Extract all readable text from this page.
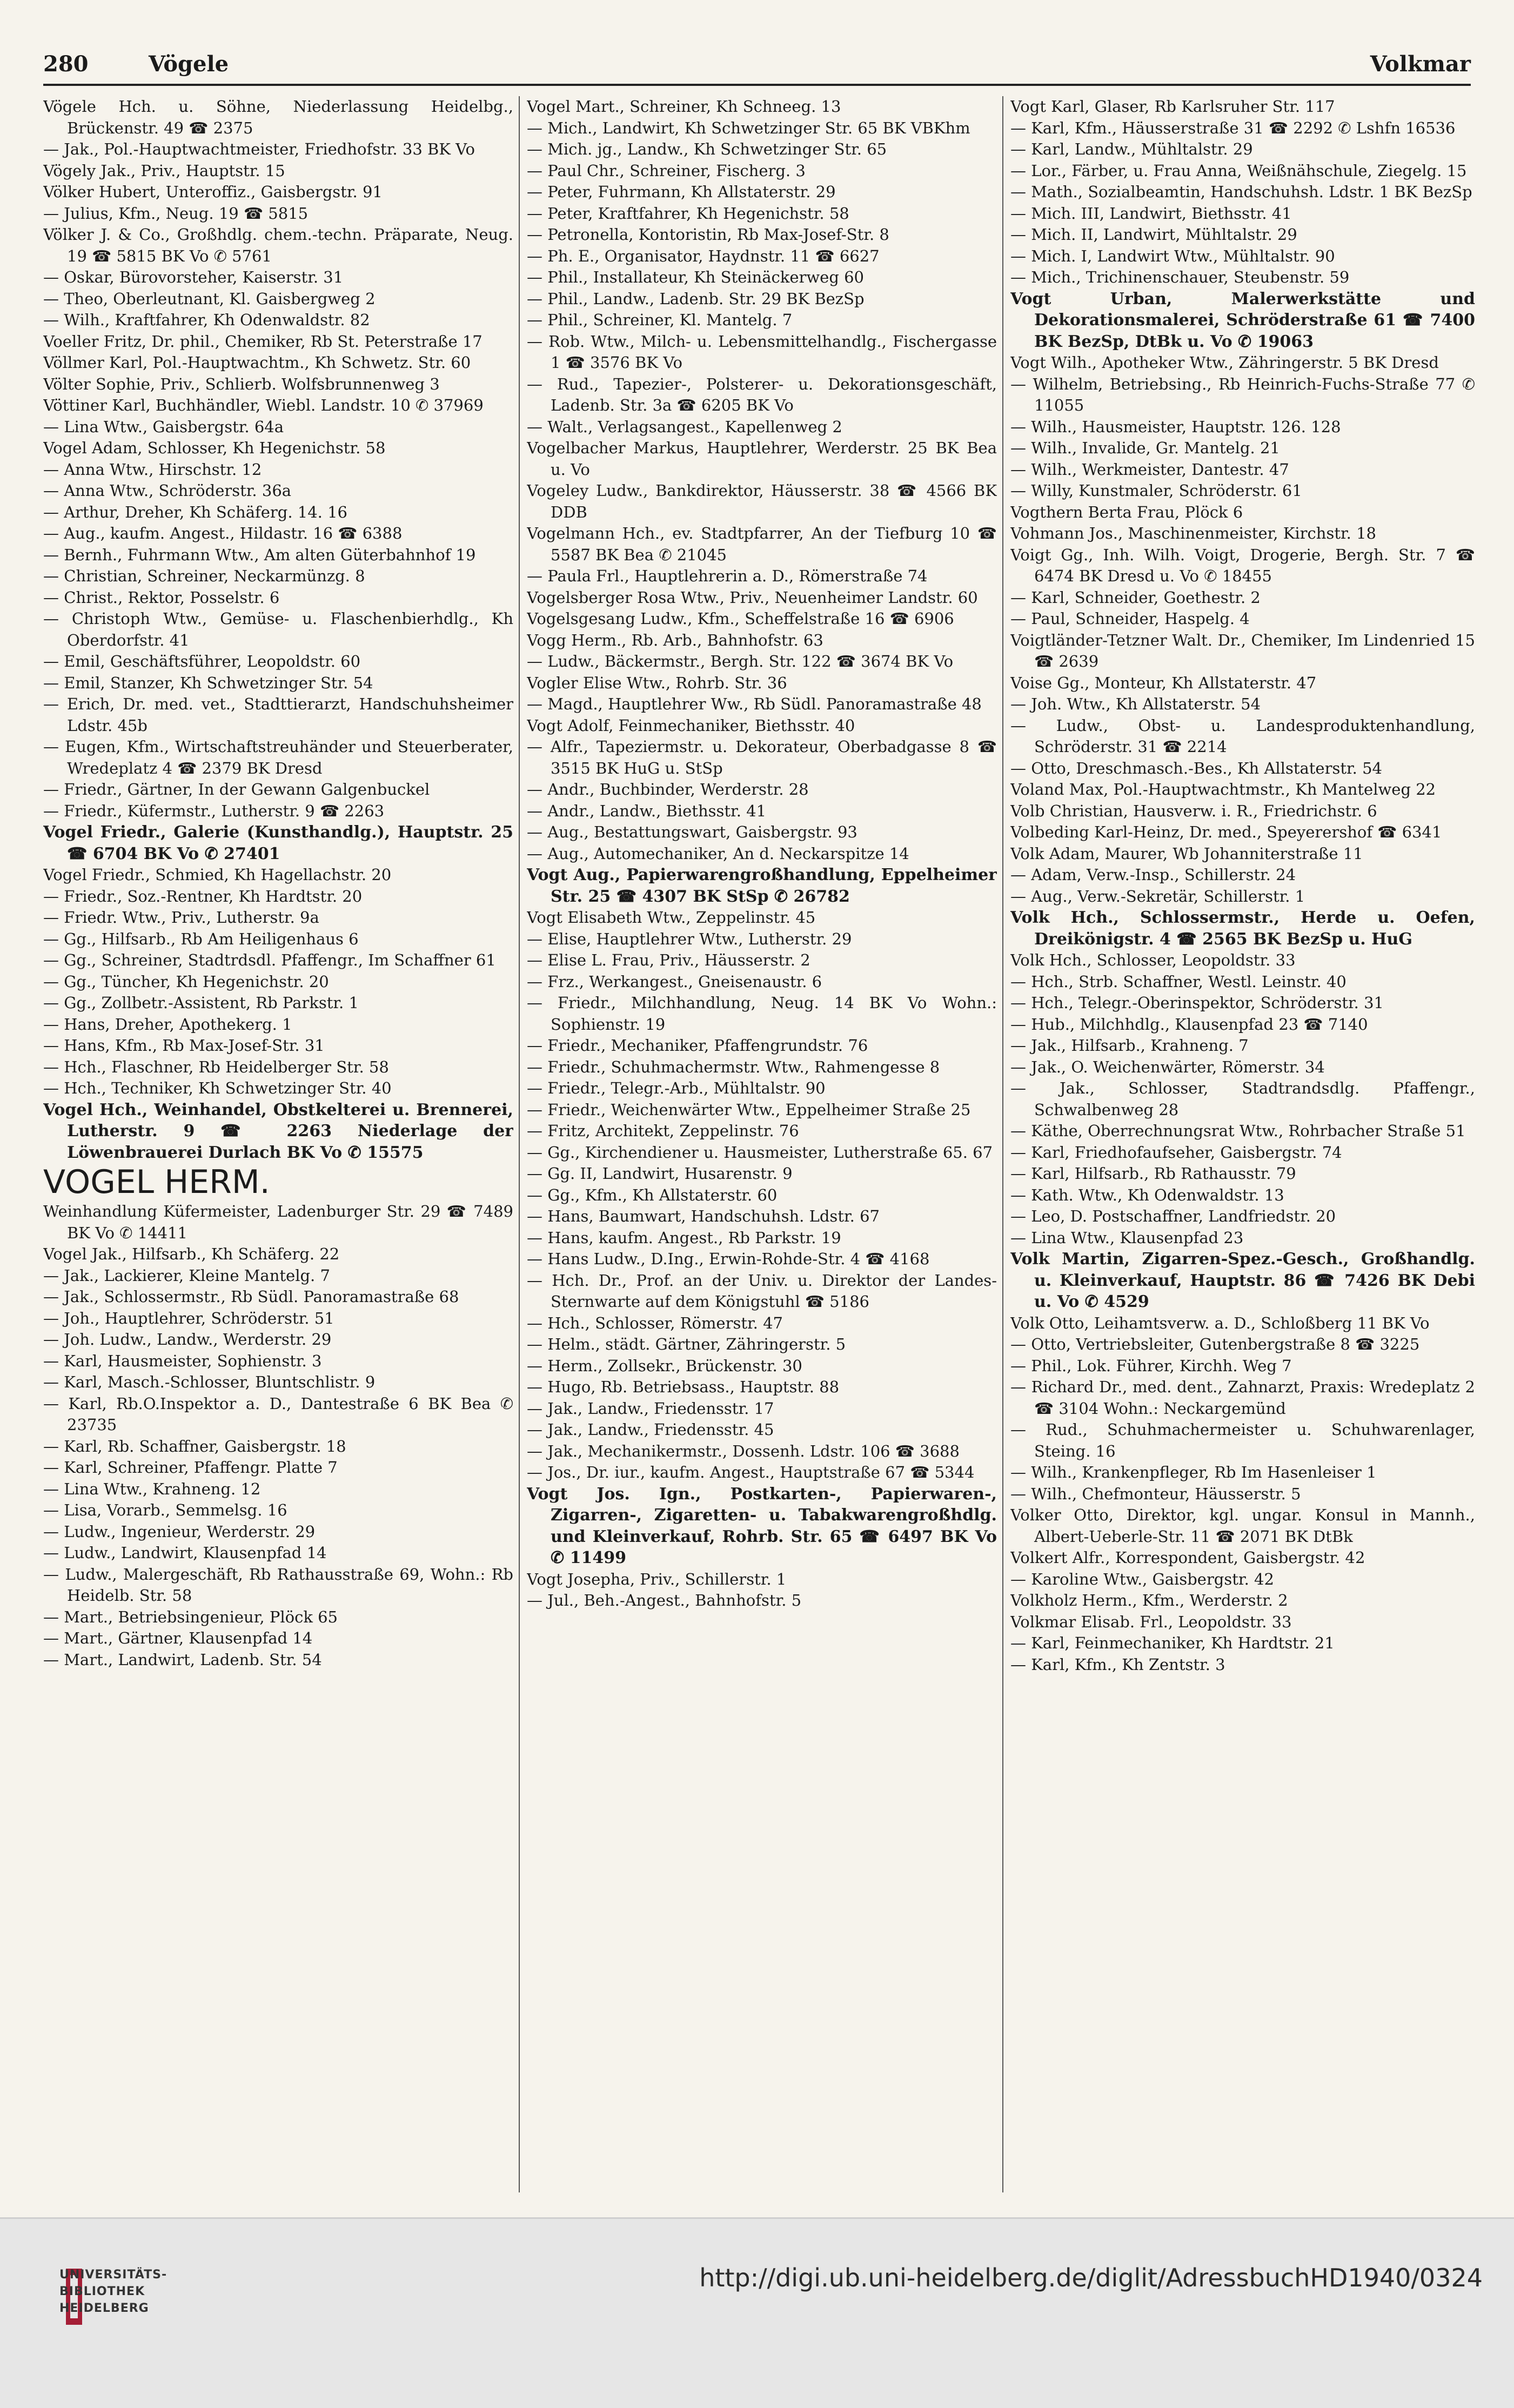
280	Vögele	Volkmar
Vögele Hch. u. Söhne, Niederlassung Heidelbg., Brückenstr. 49 ☎ 2375
— Jak., Pol.-Hauptwachtmeister, Friedhofstr. 33 BK Vo
Vögely Jak., Priv., Hauptstr. 15
Völker Hubert, Unteroffiz., Gaisbergstr. 91
— Julius, Kfm., Neug. 19 ☎ 5815
Völker J. & Co., Großhdlg. chem.-techn. Präparate, Neug. 19 ☎ 5815 BK Vo ✆ 5761
— Oskar, Bürovorsteher, Kaiserstr. 31
— Theo, Oberleutnant, Kl. Gaisbergweg 2
— Wilh., Kraftfahrer, Kh Odenwaldstr. 82
Voeller Fritz, Dr. phil., Chemiker, Rb St. Peterstraße 17
Völlmer Karl, Pol.-Hauptwachtm., Kh Schwetz. Str. 60
Völter Sophie, Priv., Schlierb. Wolfsbrunnenweg 3
Vöttiner Karl, Buchhändler, Wiebl. Landstr. 10 ✆ 37969
— Lina Wtw., Gaisbergstr. 64a
Vogel Adam, Schlosser, Kh Hegenichstr. 58
— Anna Wtw., Hirschstr. 12
— Anna Wtw., Schröderstr. 36a
— Arthur, Dreher, Kh Schäferg. 14. 16
— Aug., kaufm. Angest., Hildastr. 16 ☎ 6388
— Bernh., Fuhrmann Wtw., Am alten Güterbahnhof 19
— Christian, Schreiner, Neckarmünzg. 8
— Christ., Rektor, Posselstr. 6
— Christoph Wtw., Gemüse- u. Flaschenbierhdlg., Kh Oberdorfstr. 41
— Emil, Geschäftsführer, Leopoldstr. 60
— Emil, Stanzer, Kh Schwetzinger Str. 54
— Erich, Dr. med. vet., Stadttierarzt, Handschuhsheimer Ldstr. 45b
— Eugen, Kfm., Wirtschaftstreuhänder und Steuerberater, Wredeplatz 4 ☎ 2379 BK Dresd
— Friedr., Gärtner, In der Gewann Galgenbuckel
— Friedr., Küfermstr., Lutherstr. 9 ☎ 2263
Vogel Friedr., Galerie (Kunsthandlg.), Hauptstr. 25 ☎ 6704 BK Vo ✆ 27401
Vogel Friedr., Schmied, Kh Hagellachstr. 20
— Friedr., Soz.-Rentner, Kh Hardtstr. 20
— Friedr. Wtw., Priv., Lutherstr. 9a
— Gg., Hilfsarb., Rb Am Heiligenhaus 6
— Gg., Schreiner, Stadtrdsdl. Pfaffengr., Im Schaffner 61
— Gg., Tüncher, Kh Hegenichstr. 20
— Gg., Zollbetr.-Assistent, Rb Parkstr. 1
— Hans, Dreher, Apothekerg. 1
— Hans, Kfm., Rb Max-Josef-Str. 31
— Hch., Flaschner, Rb Heidelberger Str. 58
— Hch., Techniker, Kh Schwetzinger Str. 40
Vogel Hch., Weinhandel, Obstkelterei u. Brennerei, Lutherstr. 9 ☎ 2263 Niederlage der Löwenbrauerei Durlach BK Vo ✆ 15575
VOGEL HERM.
Weinhandlung Küfermeister, Ladenburger Str. 29 ☎ 7489 BK Vo ✆ 14411
Vogel Jak., Hilfsarb., Kh Schäferg. 22
— Jak., Lackierer, Kleine Mantelg. 7
— Jak., Schlossermstr., Rb Südl. Panoramastraße 68
— Joh., Hauptlehrer, Schröderstr. 51
— Joh. Ludw., Landw., Werderstr. 29
— Karl, Hausmeister, Sophienstr. 3
— Karl, Masch.-Schlosser, Bluntschlistr. 9
— Karl, Rb.O.Inspektor a. D., Dantestraße 6 BK Bea ✆ 23735
— Karl, Rb. Schaffner, Gaisbergstr. 18
— Karl, Schreiner, Pfaffengr. Platte 7
— Lina Wtw., Krahneng. 12
— Lisa, Vorarb., Semmelsg. 16
— Ludw., Ingenieur, Werderstr. 29
— Ludw., Landwirt, Klausenpfad 14
— Ludw., Malergeschäft, Rb Rathausstraße 69, Wohn.: Rb Heidelb. Str. 58
— Mart., Betriebsingenieur, Plöck 65
— Mart., Gärtner, Klausenpfad 14
— Mart., Landwirt, Ladenb. Str. 54
Vogel Mart., Schreiner, Kh Schneeg. 13
— Mich., Landwirt, Kh Schwetzinger Str. 65 BK VBKhm
— Mich. jg., Landw., Kh Schwetzinger Str. 65
— Paul Chr., Schreiner, Fischerg. 3
— Peter, Fuhrmann, Kh Allstaterstr. 29
— Peter, Kraftfahrer, Kh Hegenichstr. 58
— Petronella, Kontoristin, Rb Max-Josef-Str. 8
— Ph. E., Organisator, Haydnstr. 11 ☎ 6627
— Phil., Installateur, Kh Steinäckerweg 60
— Phil., Landw., Ladenb. Str. 29 BK BezSp
— Phil., Schreiner, Kl. Mantelg. 7
— Rob. Wtw., Milch- u. Lebensmittelhandlg., Fischergasse 1 ☎ 3576 BK Vo
— Rud., Tapezier-, Polsterer- u. Dekorationsgeschäft, Ladenb. Str. 3a ☎ 6205 BK Vo
— Walt., Verlagsangest., Kapellenweg 2
Vogelbacher Markus, Hauptlehrer, Werderstr. 25 BK Bea u. Vo
Vogeley Ludw., Bankdirektor, Häusserstr. 38 ☎ 4566 BK DDB
Vogelmann Hch., ev. Stadtpfarrer, An der Tiefburg 10 ☎ 5587 BK Bea ✆ 21045
— Paula Frl., Hauptlehrerin a. D., Römerstraße 74
Vogelsberger Rosa Wtw., Priv., Neuenheimer Landstr. 60
Vogelsgesang Ludw., Kfm., Scheffelstraße 16 ☎ 6906
Vogg Herm., Rb. Arb., Bahnhofstr. 63
— Ludw., Bäckermstr., Bergh. Str. 122 ☎ 3674 BK Vo
Vogler Elise Wtw., Rohrb. Str. 36
— Magd., Hauptlehrer Ww., Rb Südl. Panoramastraße 48
Vogt Adolf, Feinmechaniker, Biethsstr. 40
— Alfr., Tapeziermstr. u. Dekorateur, Oberbadgasse 8 ☎ 3515 BK HuG u. StSp
— Andr., Buchbinder, Werderstr. 28
— Andr., Landw., Biethsstr. 41
— Aug., Bestattungswart, Gaisbergstr. 93
— Aug., Automechaniker, An d. Neckarspitze 14
Vogt Aug., Papierwarengroßhandlung, Eppelheimer Str. 25 ☎ 4307 BK StSp ✆ 26782
Vogt Elisabeth Wtw., Zeppelinstr. 45
— Elise, Hauptlehrer Wtw., Lutherstr. 29
— Elise L. Frau, Priv., Häusserstr. 2
— Frz., Werkangest., Gneisenaustr. 6
— Friedr., Milchhandlung, Neug. 14 BK Vo Wohn.: Sophienstr. 19
— Friedr., Mechaniker, Pfaffengrundstr. 76
— Friedr., Schuhmachermstr. Wtw., Rahmengesse 8
— Friedr., Telegr.-Arb., Mühltalstr. 90
— Friedr., Weichenwärter Wtw., Eppelheimer Straße 25
— Fritz, Architekt, Zeppelinstr. 76
— Gg., Kirchendiener u. Hausmeister, Lutherstraße 65. 67
— Gg. II, Landwirt, Husarenstr. 9
— Gg., Kfm., Kh Allstaterstr. 60
— Hans, Baumwart, Handschuhsh. Ldstr. 67
— Hans, kaufm. Angest., Rb Parkstr. 19
— Hans Ludw., D.Ing., Erwin-Rohde-Str. 4 ☎ 4168
— Hch. Dr., Prof. an der Univ. u. Direktor der Landes-Sternwarte auf dem Königstuhl ☎ 5186
— Hch., Schlosser, Römerstr. 47
— Helm., städt. Gärtner, Zähringerstr. 5
— Herm., Zollsekr., Brückenstr. 30
— Hugo, Rb. Betriebsass., Hauptstr. 88
— Jak., Landw., Friedensstr. 17
— Jak., Landw., Friedensstr. 45
— Jak., Mechanikermstr., Dossenh. Ldstr. 106 ☎ 3688
— Jos., Dr. iur., kaufm. Angest., Hauptstraße 67 ☎ 5344
Vogt Jos. Ign., Postkarten-, Papierwaren-, Zigarren-, Zigaretten- u. Tabakwarengroßhdlg. und Kleinverkauf, Rohrb. Str. 65 ☎ 6497 BK Vo ✆ 11499
Vogt Josepha, Priv., Schillerstr. 1
— Jul., Beh.-Angest., Bahnhofstr. 5
Vogt Karl, Glaser, Rb Karlsruher Str. 117
— Karl, Kfm., Häusserstraße 31 ☎ 2292 ✆ Lshfn 16536
— Karl, Landw., Mühltalstr. 29
— Lor., Färber, u. Frau Anna, Weißnähschule, Ziegelg. 15
— Math., Sozialbeamtin, Handschuhsh. Ldstr. 1 BK BezSp
— Mich. III, Landwirt, Biethsstr. 41
— Mich. II, Landwirt, Mühltalstr. 29
— Mich. I, Landwirt Wtw., Mühltalstr. 90
— Mich., Trichinenschauer, Steubenstr. 59
Vogt Urban, Malerwerkstätte und Dekorationsmalerei, Schröderstraße 61 ☎ 7400 BK BezSp, DtBk u. Vo ✆ 19063
Vogt Wilh., Apotheker Wtw., Zähringerstr. 5 BK Dresd
— Wilhelm, Betriebsing., Rb Heinrich-Fuchs-Straße 77 ✆ 11055
— Wilh., Hausmeister, Hauptstr. 126. 128
— Wilh., Invalide, Gr. Mantelg. 21
— Wilh., Werkmeister, Dantestr. 47
— Willy, Kunstmaler, Schröderstr. 61
Vogthern Berta Frau, Plöck 6
Vohmann Jos., Maschinenmeister, Kirchstr. 18
Voigt Gg., Inh. Wilh. Voigt, Drogerie, Bergh. Str. 7 ☎ 6474 BK Dresd u. Vo ✆ 18455
— Karl, Schneider, Goethestr. 2
— Paul, Schneider, Haspelg. 4
Voigtländer-Tetzner Walt. Dr., Chemiker, Im Lindenried 15 ☎ 2639
Voise Gg., Monteur, Kh Allstaterstr. 47
— Joh. Wtw., Kh Allstaterstr. 54
— Ludw., Obst- u. Landesproduktenhandlung, Schröderstr. 31 ☎ 2214
— Otto, Dreschmasch.-Bes., Kh Allstaterstr. 54
Voland Max, Pol.-Hauptwachtmstr., Kh Mantelweg 22
Volb Christian, Hausverw. i. R., Friedrichstr. 6
Volbeding Karl-Heinz, Dr. med., Speyerershof ☎ 6341
Volk Adam, Maurer, Wb Johanniterstraße 11
— Adam, Verw.-Insp., Schillerstr. 24
— Aug., Verw.-Sekretär, Schillerstr. 1
Volk Hch., Schlossermstr., Herde u. Oefen, Dreikönigstr. 4 ☎ 2565 BK BezSp u. HuG
Volk Hch., Schlosser, Leopoldstr. 33
— Hch., Strb. Schaffner, Westl. Leinstr. 40
— Hch., Telegr.-Oberinspektor, Schröderstr. 31
— Hub., Milchhdlg., Klausenpfad 23 ☎ 7140
— Jak., Hilfsarb., Krahneng. 7
— Jak., O. Weichenwärter, Römerstr. 34
— Jak., Schlosser, Stadtrandsdlg. Pfaffengr., Schwalbenweg 28
— Käthe, Oberrechnungsrat Wtw., Rohrbacher Straße 51
— Karl, Friedhofaufseher, Gaisbergstr. 74
— Karl, Hilfsarb., Rb Rathausstr. 79
— Kath. Wtw., Kh Odenwaldstr. 13
— Leo, D. Postschaffner, Landfriedstr. 20
— Lina Wtw., Klausenpfad 23
Volk Martin, Zigarren-Spez.-Gesch., Großhandlg. u. Kleinverkauf, Hauptstr. 86 ☎ 7426 BK Debi u. Vo ✆ 4529
Volk Otto, Leihamtsverw. a. D., Schloßberg 11 BK Vo
— Otto, Vertriebsleiter, Gutenbergstraße 8 ☎ 3225
— Phil., Lok. Führer, Kirchh. Weg 7
— Richard Dr., med. dent., Zahnarzt, Praxis: Wredeplatz 2 ☎ 3104 Wohn.: Neckargemünd
— Rud., Schuhmachermeister u. Schuhwarenlager, Steing. 16
— Wilh., Krankenpfleger, Rb Im Hasenleiser 1
— Wilh., Chefmonteur, Häusserstr. 5
Volker Otto, Direktor, kgl. ungar. Konsul in Mannh., Albert-Ueberle-Str. 11 ☎ 2071 BK DtBk
Volkert Alfr., Korrespondent, Gaisbergstr. 42
— Karoline Wtw., Gaisbergstr. 42
Volkholz Herm., Kfm., Werderstr. 2
Volkmar Elisab. Frl., Leopoldstr. 33
— Karl, Feinmechaniker, Kh Hardtstr. 21
— Karl, Kfm., Kh Zentstr. 3
UNIVERSITÄTS-
BIBLIOTHEK
HEIDELBERG
http://digi.ub.uni-heidelberg.de/diglit/AdressbuchHD1940/0324
